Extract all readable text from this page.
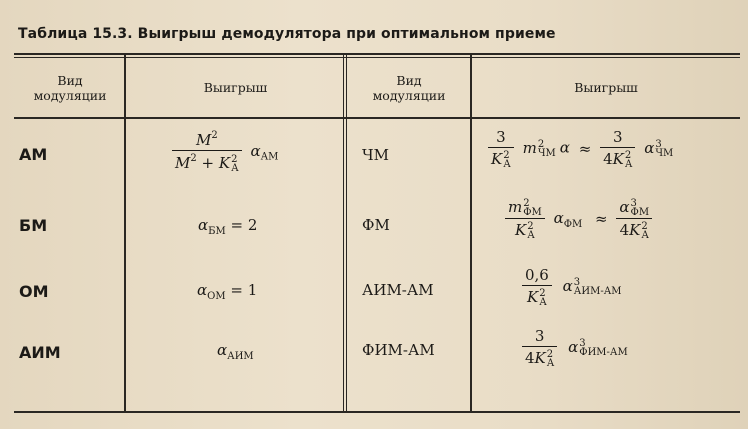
Таблица 15.3. Выигрыш демодулятора при оптимальном приеме
Вид
модуляции
Выигрыш	Вид
модуляции
Выигрыш
АМ
БМ
ОМ
АИМ
$M^2$
$M^2 + K$ 2
А $\alpha_{АМ}$
$\alpha_{БМ} = 2$
$\alpha_{ОМ} = 1$
$\alpha_{АИМ}$
ЧМ
ФМ
АИМ-АМ
ФИМ-АМ
3
K 2
А m 2
ЧМ α ≈ 3
4K 2
А α 3
ЧМ
m 2
ФМ
K 2
А $\alpha_{ФМ} \approx \alpha$ 3
ФМ
4K 2
А
0,6
K 2
А α 3
АИМ-АМ
3
4K 2
А α 3
ФИМ-АМ
